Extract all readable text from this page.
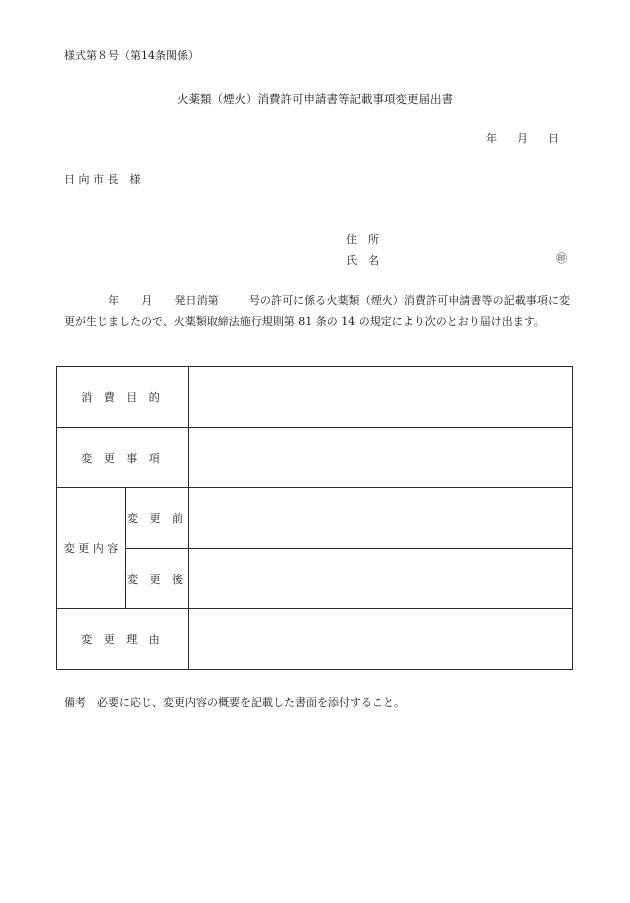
様式第８号（第14条関係）
火薬類（煙火）消費許可申請書等記載事項変更届出書
年 月 日
日 向 市 長　様
住　所
氏　名	㊞
年 月 発日消第	号の許可に係る火薬類（煙火）消費許可申請書等の記載事項に変更が生じましたので、火薬類取締法施行規則第 81 条の 14 の規定により次のとおり届け出ます。
消 費 目 的		
変 更 事 項		
変 更 内 容	変 更 前	
	変 更 後	
変 更 理 由		
備考　必要に応じ、変更内容の概要を記載した書面を添付すること。
